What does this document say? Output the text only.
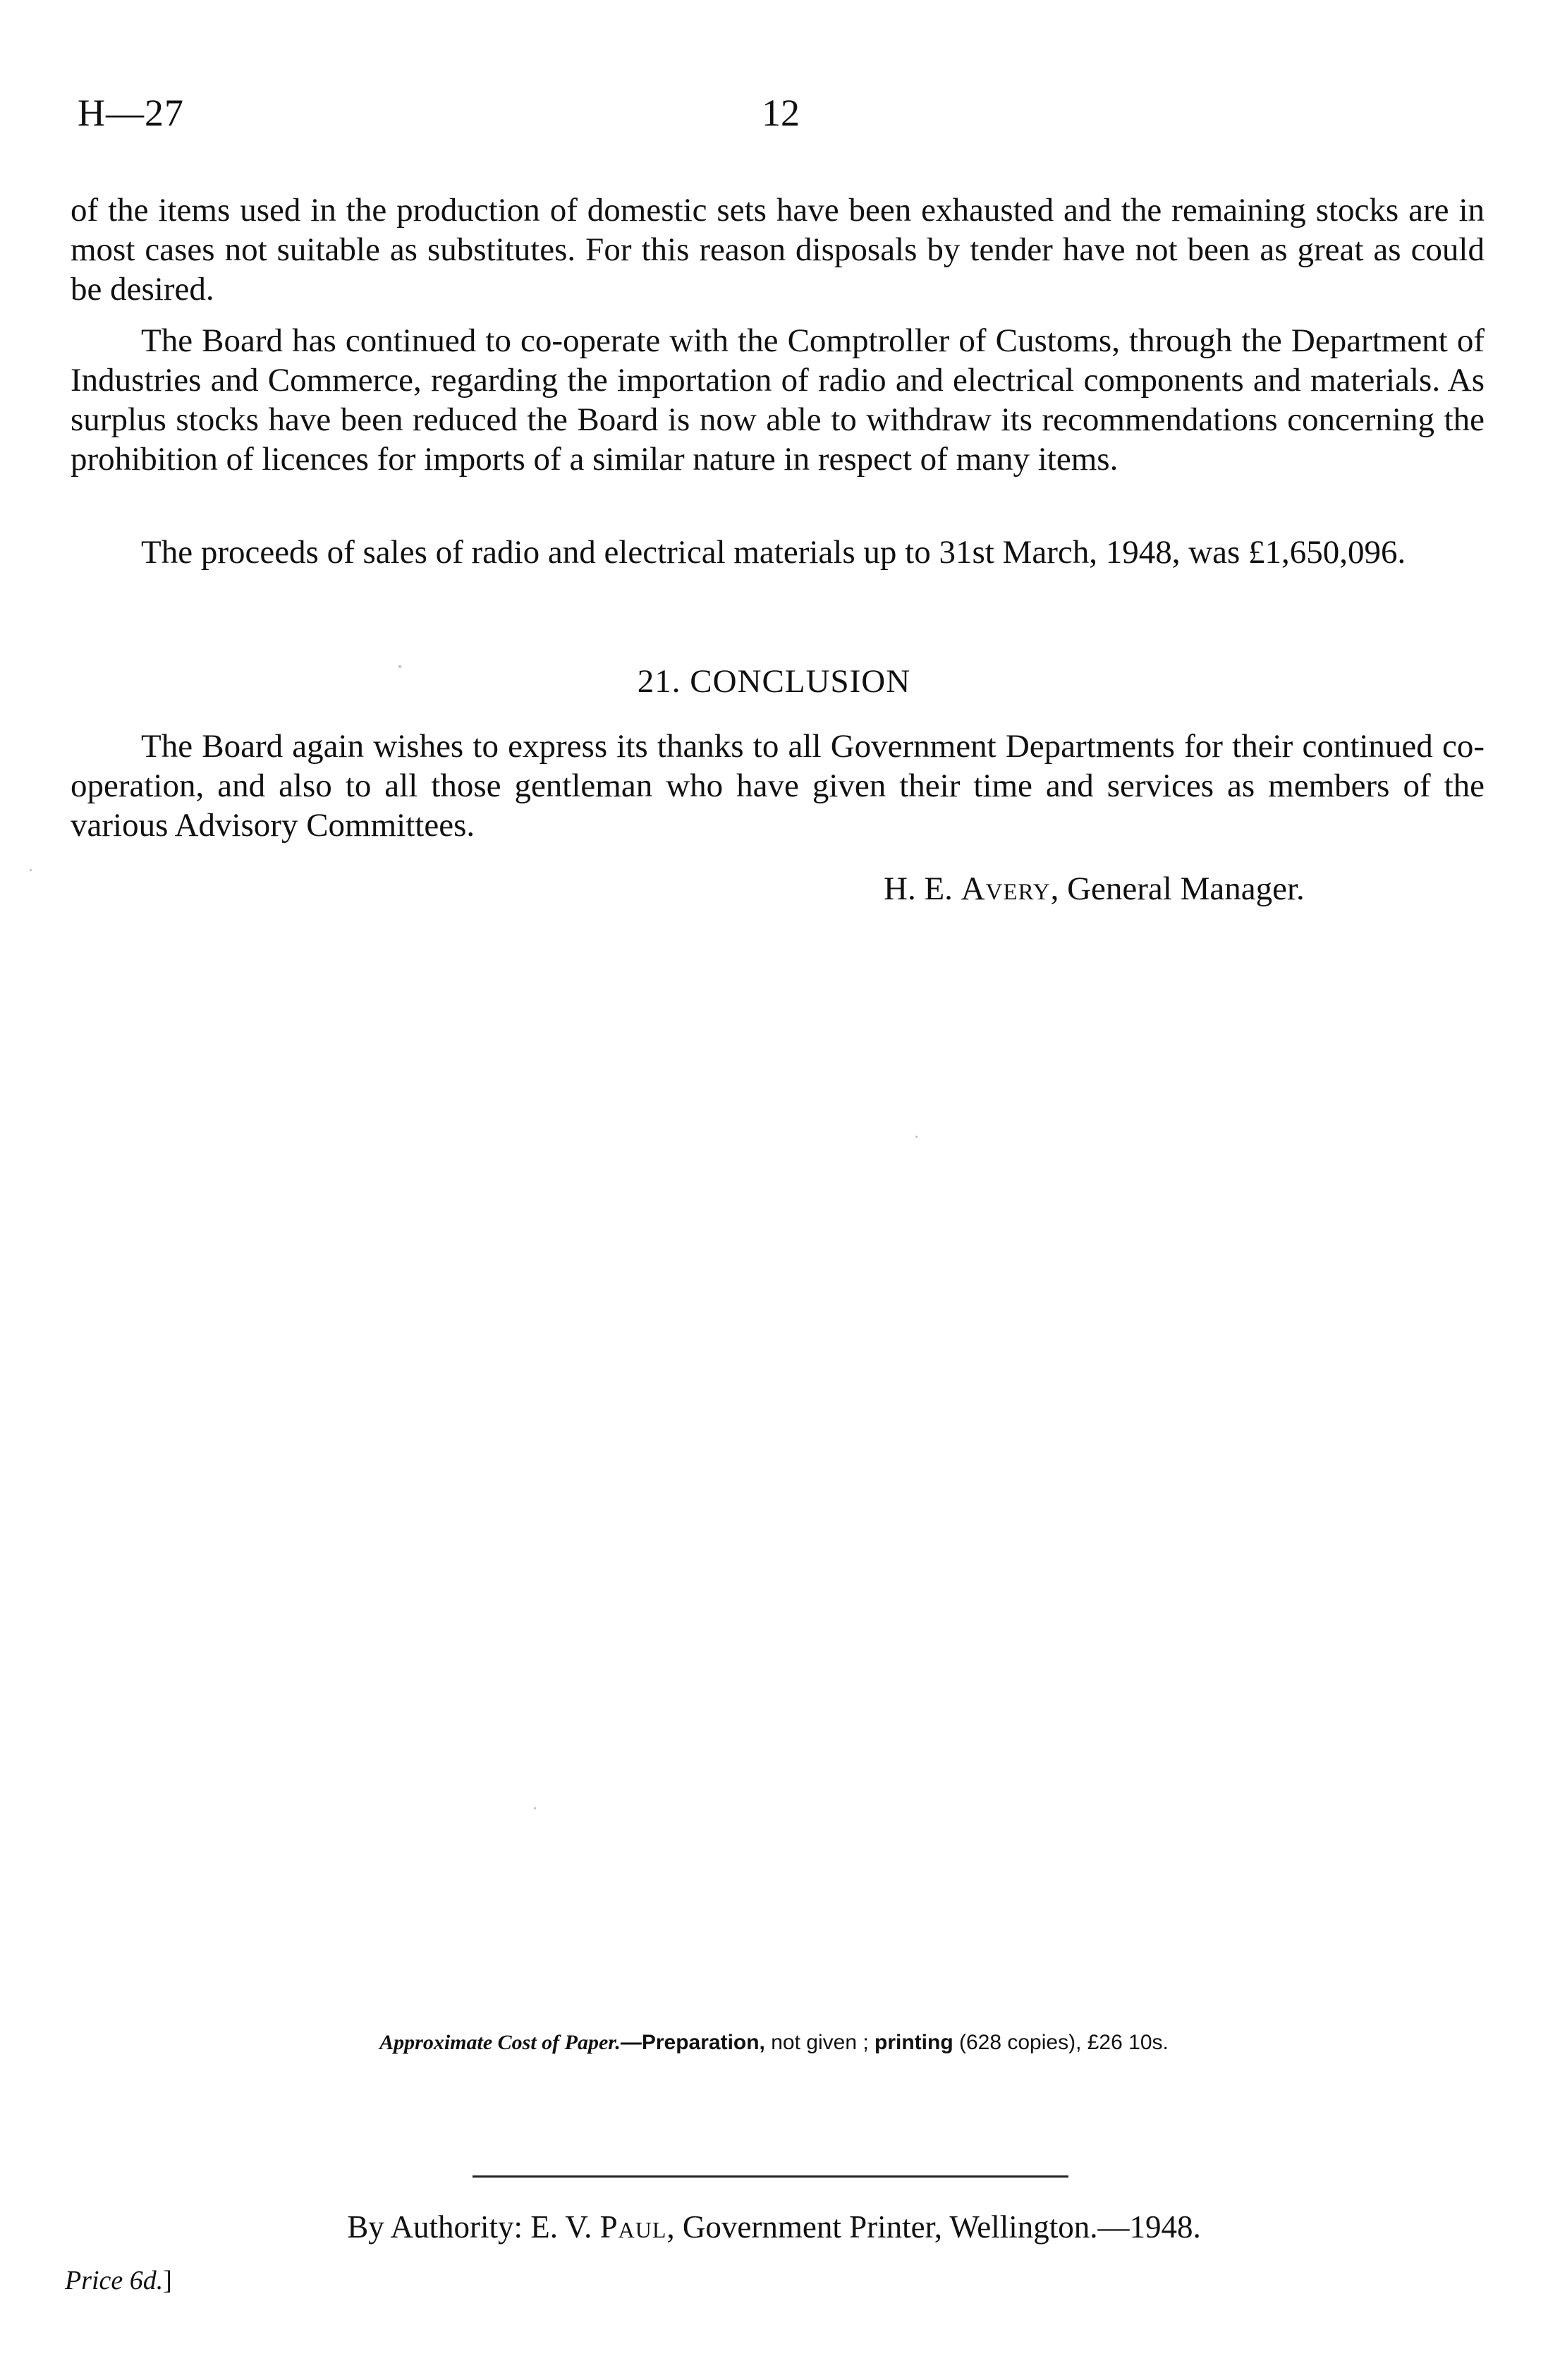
H—27	12

of the items used in the production of domestic sets have been exhausted and the remaining stocks are in most cases not suitable as substitutes. For this reason disposals by tender have not been as great as could be desired.

The Board has continued to co-operate with the Comptroller of Customs, through the Department of Industries and Commerce, regarding the importation of radio and electrical components and materials. As surplus stocks have been reduced the Board is now able to withdraw its recommendations concerning the prohibition of licences for imports of a similar nature in respect of many items.

The proceeds of sales of radio and electrical materials up to 31st March, 1948, was £1,650,096.

21. CONCLUSION

The Board again wishes to express its thanks to all Government Departments for their continued co-operation, and also to all those gentleman who have given their time and services as members of the various Advisory Committees.

H. E. Avery, General Manager.
Approximate Cost of Paper.—Preparation, not given ; printing (628 copies), £26 10s.
By Authority: E. V. Paul, Government Printer, Wellington.—1948.
Price 6d.]
